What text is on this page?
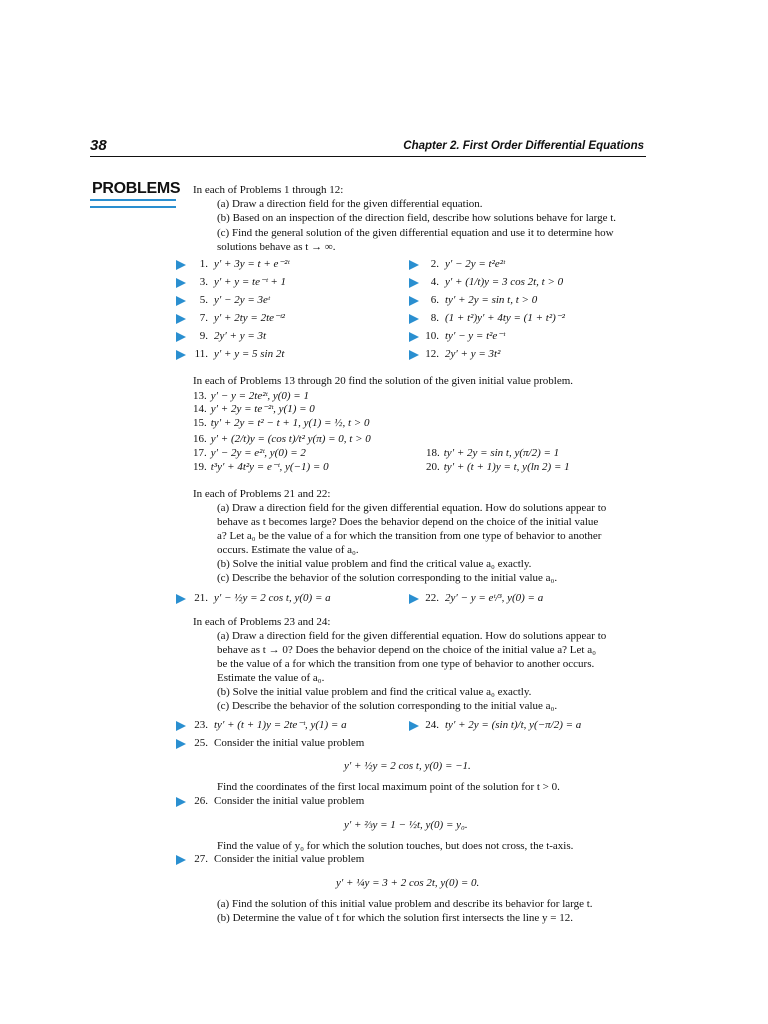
38	Chapter 2. First Order Differential Equations
PROBLEMS In each of Problems 1 through 12:
(a) Draw a direction field for the given differential equation.
(b) Based on an inspection of the direction field, describe how solutions behave for large t.
(c) Find the general solution of the given differential equation and use it to determine how
solutions behave as t → ∞.
1. y′ + 3y = t + e⁻²ᵗ	2. y′ − 2y = t²e²ᵗ
3. y′ + y = te⁻ᵗ + 1	4. y′ + (1/t)y = 3 cos 2t, t > 0
5. y′ − 2y = 3eᵗ	6. ty′ + 2y = sin t, t > 0
7. y′ + 2ty = 2te⁻ᵗ²	8. (1 + t²)y′ + 4ty = (1 + t²)⁻²
9. 2y′ + y = 3t	10. ty′ − y = t²e⁻ᵗ
11. y′ + y = 5 sin 2t	12. 2y′ + y = 3t²
In each of Problems 13 through 20 find the solution of the given initial value problem.
13. y′ − y = 2te²ᵗ, y(0) = 1
14. y′ + 2y = te⁻²ᵗ, y(1) = 0
15. ty′ + 2y = t² − t + 1, y(1) = ½, t > 0
16. y′ + (2/t)y = (cos t)/t² y(π) = 0, t > 0
17. y′ − 2y = e²ᵗ, y(0) = 2	18. ty′ + 2y = sin t, y(π/2) = 1
19. t³y′ + 4t²y = e⁻ᵗ, y(−1) = 0	20. ty′ + (t + 1)y = t, y(ln 2) = 1
In each of Problems 21 and 22:
(a) Draw a direction field for the given differential equation. How do solutions appear to
behave as t becomes large? Does the behavior depend on the choice of the initial value
a? Let a₀ be the value of a for which the transition from one type of behavior to another
occurs. Estimate the value of a₀.
(b) Solve the initial value problem and find the critical value a₀ exactly.
(c) Describe the behavior of the solution corresponding to the initial value a₀.
21. y′ − ½y = 2 cos t, y(0) = a	22. 2y′ − y = eᵗ/³, y(0) = a
In each of Problems 23 and 24:
(a) Draw a direction field for the given differential equation. How do solutions appear to
behave as t → 0? Does the behavior depend on the choice of the initial value a? Let a₀
be the value of a for which the transition from one type of behavior to another occurs.
Estimate the value of a₀.
(b) Solve the initial value problem and find the critical value a₀ exactly.
(c) Describe the behavior of the solution corresponding to the initial value a₀.
23. ty′ + (t + 1)y = 2te⁻ᵗ, y(1) = a	24. ty′ + 2y = (sin t)/t, y(−π/2) = a
25. Consider the initial value problem
y′ + ½y = 2 cos t, y(0) = −1.
Find the coordinates of the first local maximum point of the solution for t > 0.
26. Consider the initial value problem
y′ + ⅔y = 1 − ½t, y(0) = y₀.
Find the value of y₀ for which the solution touches, but does not cross, the t-axis.
27. Consider the initial value problem
y′ + ¼y = 3 + 2 cos 2t, y(0) = 0.
(a) Find the solution of this initial value problem and describe its behavior for large t.
(b) Determine the value of t for which the solution first intersects the line y = 12.
